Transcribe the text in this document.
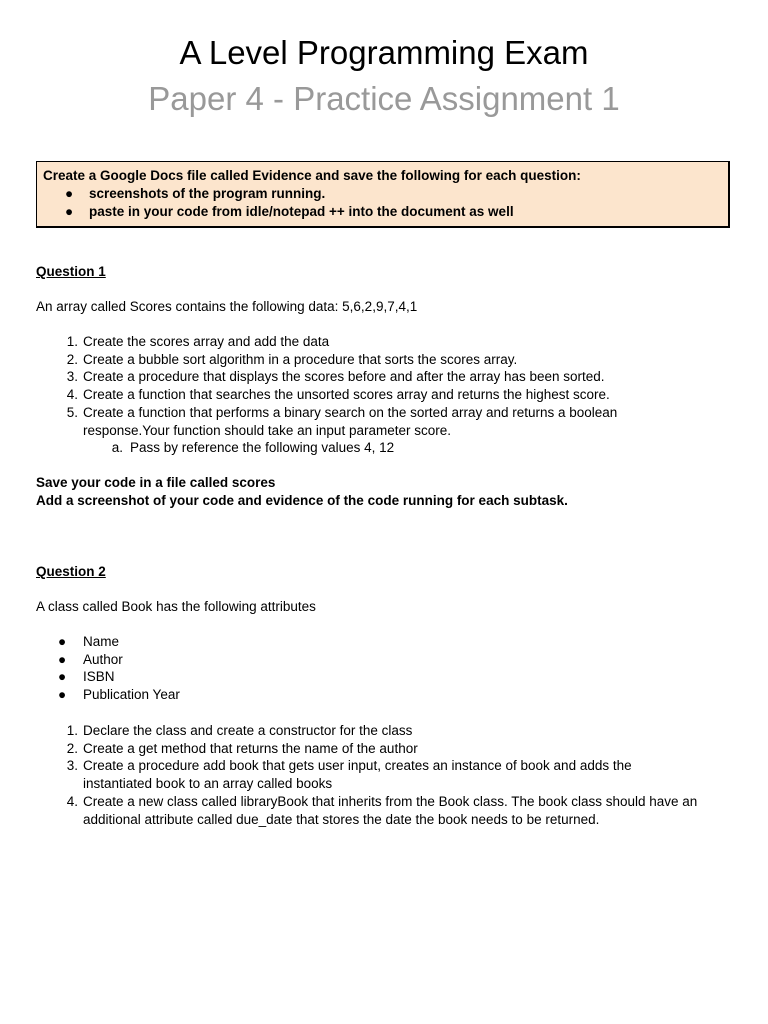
A Level Programming Exam
Paper 4 - Practice Assignment 1
Create a Google Docs file called Evidence and save the following for each question:
● screenshots of the program running.
● paste in your code from idle/notepad ++ into the document as well
Question 1
An array called Scores contains the following data: 5,6,2,9,7,4,1
1. Create the scores array and add the data
2. Create a bubble sort algorithm in a procedure that sorts the scores array.
3. Create a procedure that displays the scores before and after the array has been sorted.
4. Create a function that searches the unsorted scores array and returns the highest score.
5. Create a function that performs a binary search on the sorted array and returns a boolean response.Your function should take an input parameter score.
a. Pass by reference the following values 4, 12
Save your code in a file called scores
Add a screenshot of your code and evidence of the code running for each subtask.
Question 2
A class called Book has the following attributes
● Name
● Author
● ISBN
● Publication Year
1. Declare the class and create a constructor for the class
2. Create a get method that returns the name of the author
3. Create a procedure add book that gets user input, creates an instance of book and adds the instantiated book to an array called books
4. Create a new class called libraryBook that inherits from the Book class. The book class should have an additional attribute called due_date that stores the date the book needs to be returned.
